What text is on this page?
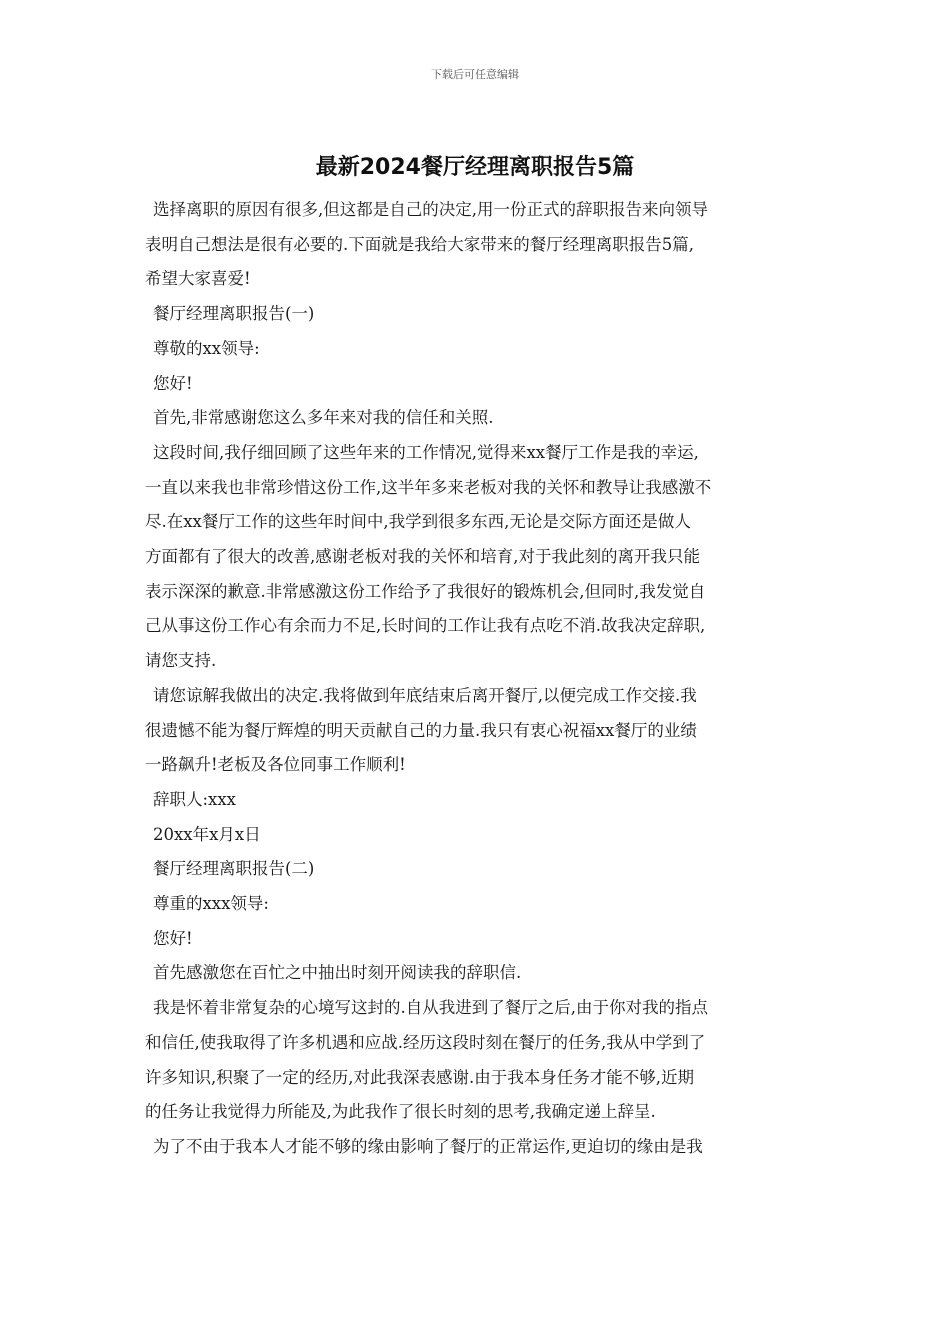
下载后可任意编辑
最新2024餐厅经理离职报告5篇

选择离职的原因有很多,但这都是自己的决定,用一份正式的辞职报告来向领导
表明自己想法是很有必要的.下面就是我给大家带来的餐厅经理离职报告5篇,
希望大家喜爱!

餐厅经理离职报告(一)

尊敬的xx领导:

您好!

首先,非常感谢您这么多年来对我的信任和关照.

这段时间,我仔细回顾了这些年来的工作情况,觉得来xx餐厅工作是我的幸运,
一直以来我也非常珍惜这份工作,这半年多来老板对我的关怀和教导让我感激不
尽.在xx餐厅工作的这些年时间中,我学到很多东西,无论是交际方面还是做人
方面都有了很大的改善,感谢老板对我的关怀和培育,对于我此刻的离开我只能
表示深深的歉意.非常感激这份工作给予了我很好的锻炼机会,但同时,我发觉自
己从事这份工作心有余而力不足,长时间的工作让我有点吃不消.故我决定辞职,
请您支持.

请您谅解我做出的决定.我将做到年底结束后离开餐厅,以便完成工作交接.我
很遗憾不能为餐厅辉煌的明天贡献自己的力量.我只有衷心祝福xx餐厅的业绩
一路飙升!老板及各位同事工作顺利!

辞职人:xxx

20xx年x月x日

餐厅经理离职报告(二)

尊重的xxx领导:

您好!

首先感激您在百忙之中抽出时刻开阅读我的辞职信.

我是怀着非常复杂的心境写这封的.自从我进到了餐厅之后,由于你对我的指点
和信任,使我取得了许多机遇和应战.经历这段时刻在餐厅的任务,我从中学到了
许多知识,积聚了一定的经历,对此我深表感谢.由于我本身任务才能不够,近期
的任务让我觉得力所能及,为此我作了很长时刻的思考,我确定递上辞呈.

为了不由于我本人才能不够的缘由影响了餐厅的正常运作,更迫切的缘由是我
